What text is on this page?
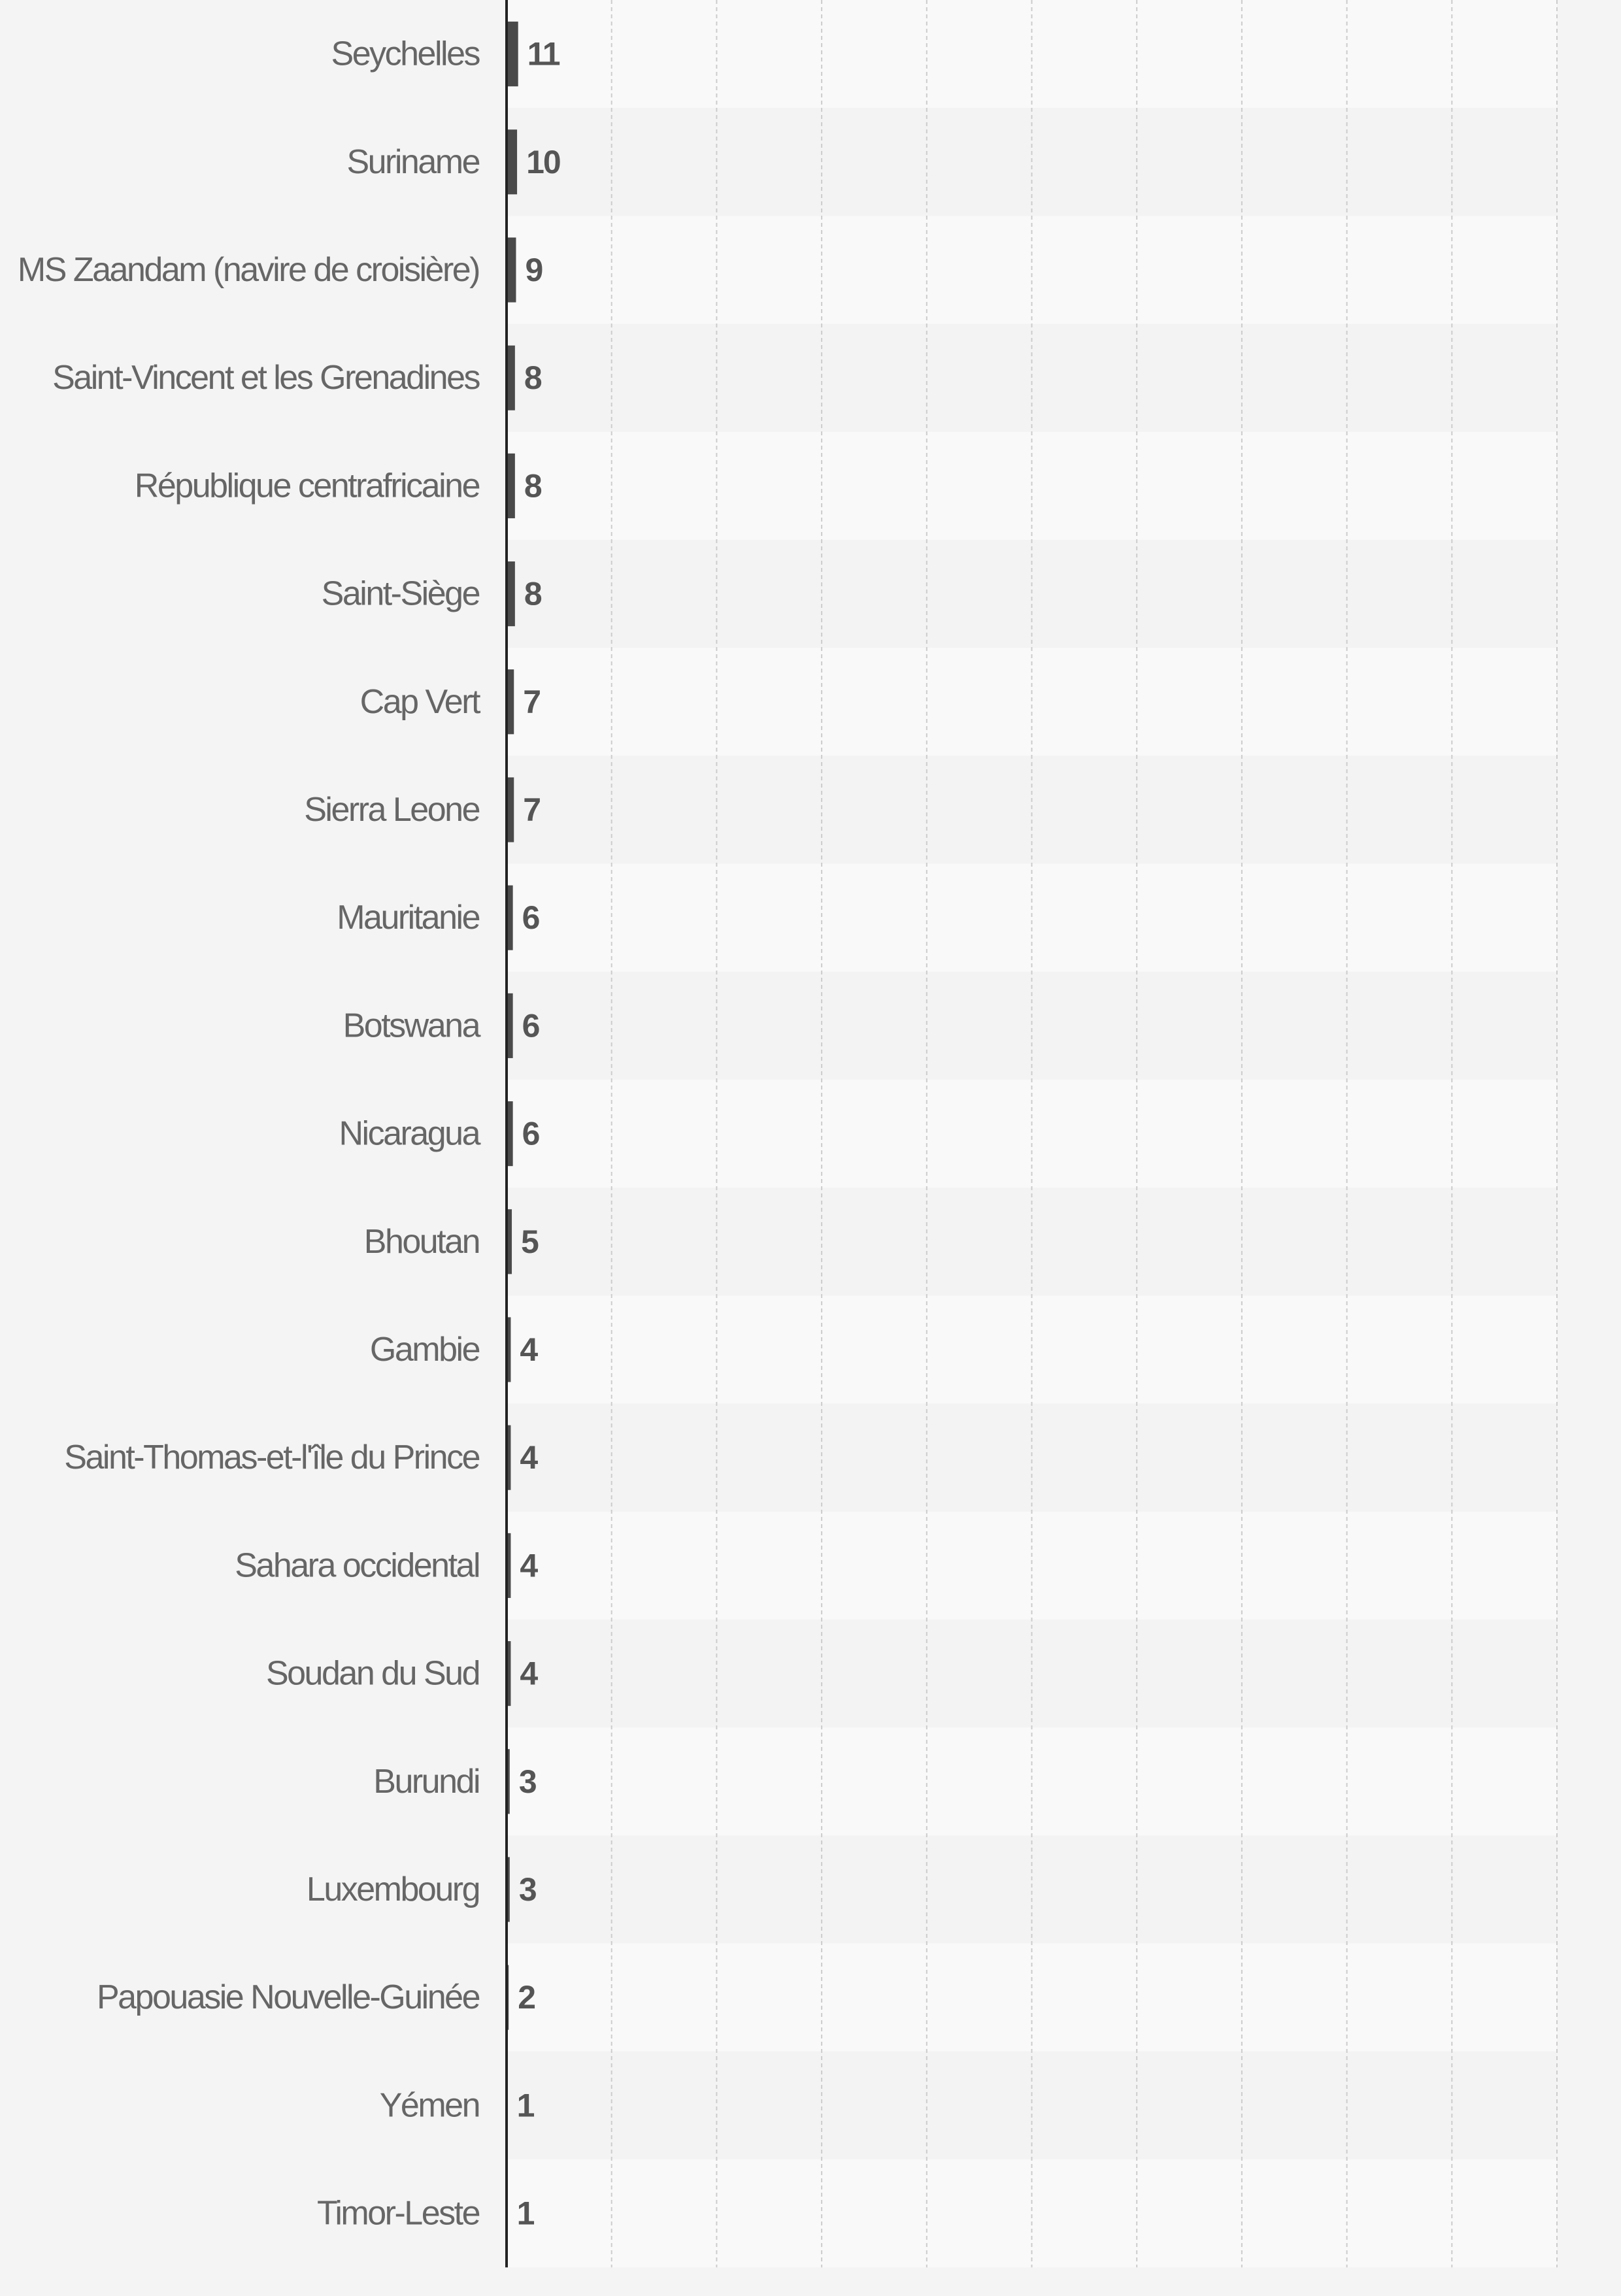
Seychelles
Suriname
MS Zaandam (navire de croisière)
Saint-Vincent et les Grenadines
République centrafricaine
Saint-Siège
Cap Vert
Sierra Leone
Mauritanie
Botswana
Nicaragua
Bhoutan
Gambie
Saint-Thomas-et-l'île du Prince
Sahara occidental
Soudan du Sud
Burundi
Luxembourg
Papouasie Nouvelle-Guinée
Yémen
Timor-Leste
11
10
9
8
8
8
7
7
6
6
6
5
4
4
4
4
3
3
2
1
1
